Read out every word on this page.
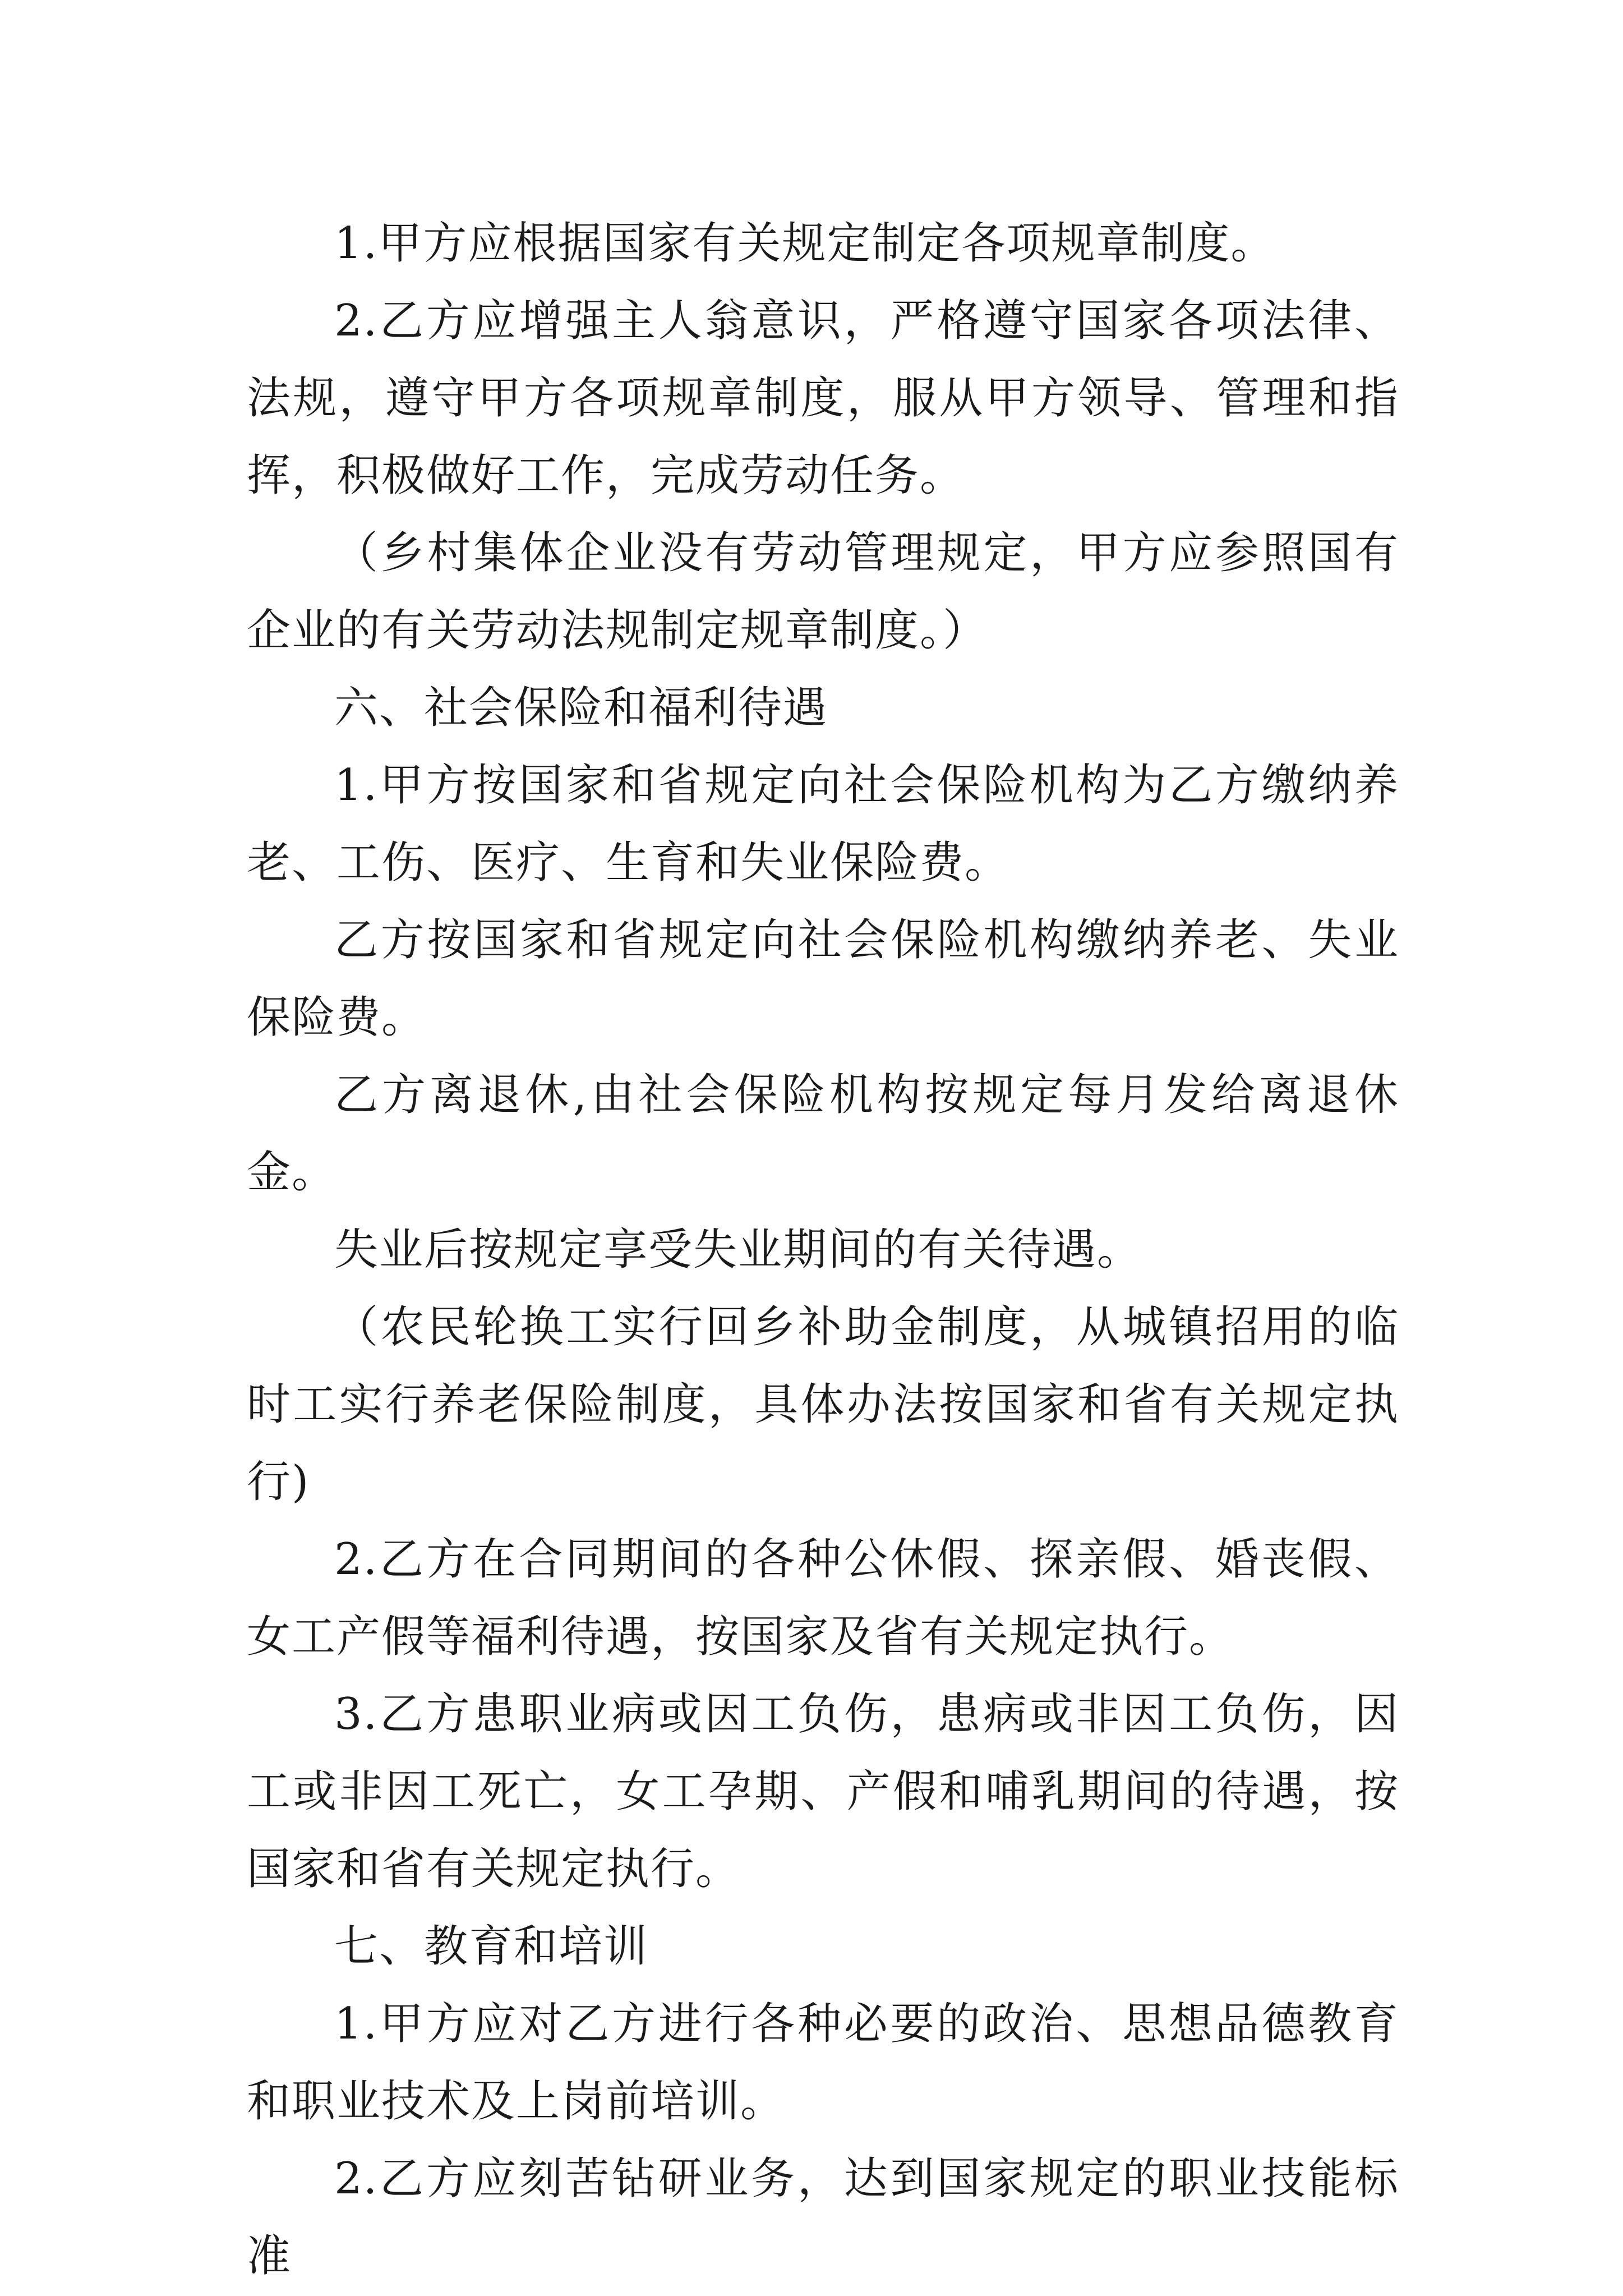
1.甲方应根据国家有关规定制定各项规章制度。

2.乙方应增强主人翁意识，严格遵守国家各项法律、法规，遵守甲方各项规章制度，服从甲方领导、管理和指挥，积极做好工作，完成劳动任务。

（乡村集体企业没有劳动管理规定，甲方应参照国有企业的有关劳动法规制定规章制度。）

六、社会保险和福利待遇

1.甲方按国家和省规定向社会保险机构为乙方缴纳养老、工伤、医疗、生育和失业保险费。

乙方按国家和省规定向社会保险机构缴纳养老、失业保险费。

乙方离退休,由社会保险机构按规定每月发给离退休金。

失业后按规定享受失业期间的有关待遇。

（农民轮换工实行回乡补助金制度，从城镇招用的临时工实行养老保险制度，具体办法按国家和省有关规定执行)

2.乙方在合同期间的各种公休假、探亲假、婚丧假、女工产假等福利待遇，按国家及省有关规定执行。

3.乙方患职业病或因工负伤，患病或非因工负伤，因工或非因工死亡，女工孕期、产假和哺乳期间的待遇，按国家和省有关规定执行。

七、教育和培训

1.甲方应对乙方进行各种必要的政治、思想品德教育和职业技术及上岗前培训。

2.乙方应刻苦钻研业务，达到国家规定的职业技能标准
